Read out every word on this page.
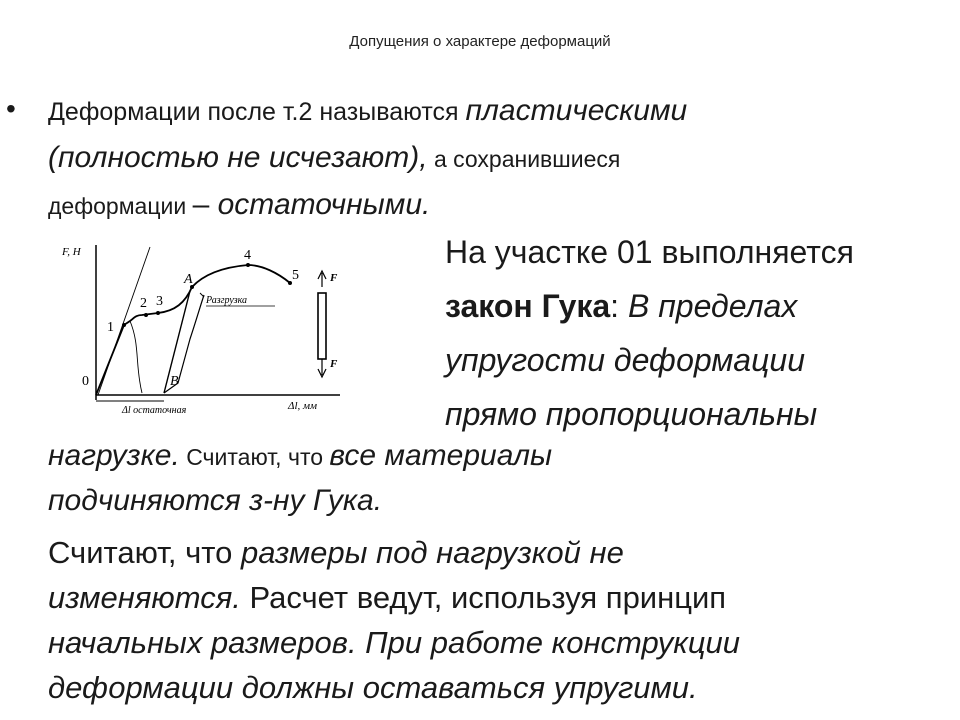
Допущения о характере деформаций
• Деформации после т.2 называются пластическими
(полностью не исчезают), а сохранившиеся
деформации – остаточными.
F, Н
Δl, мм
Δl остаточная
Разгрузка
0
1
2 3
4
5
A
B
F
F
На участке 01 выполняется
закон Гука: В пределах
упругости деформации
прямо пропорциональны
нагрузке. Считают, что все материалы
подчиняются з-ну Гука.
Считают, что размеры под нагрузкой не
изменяются. Расчет ведут, используя принцип
начальных размеров. При работе конструкции
деформации должны оставаться упругими.
